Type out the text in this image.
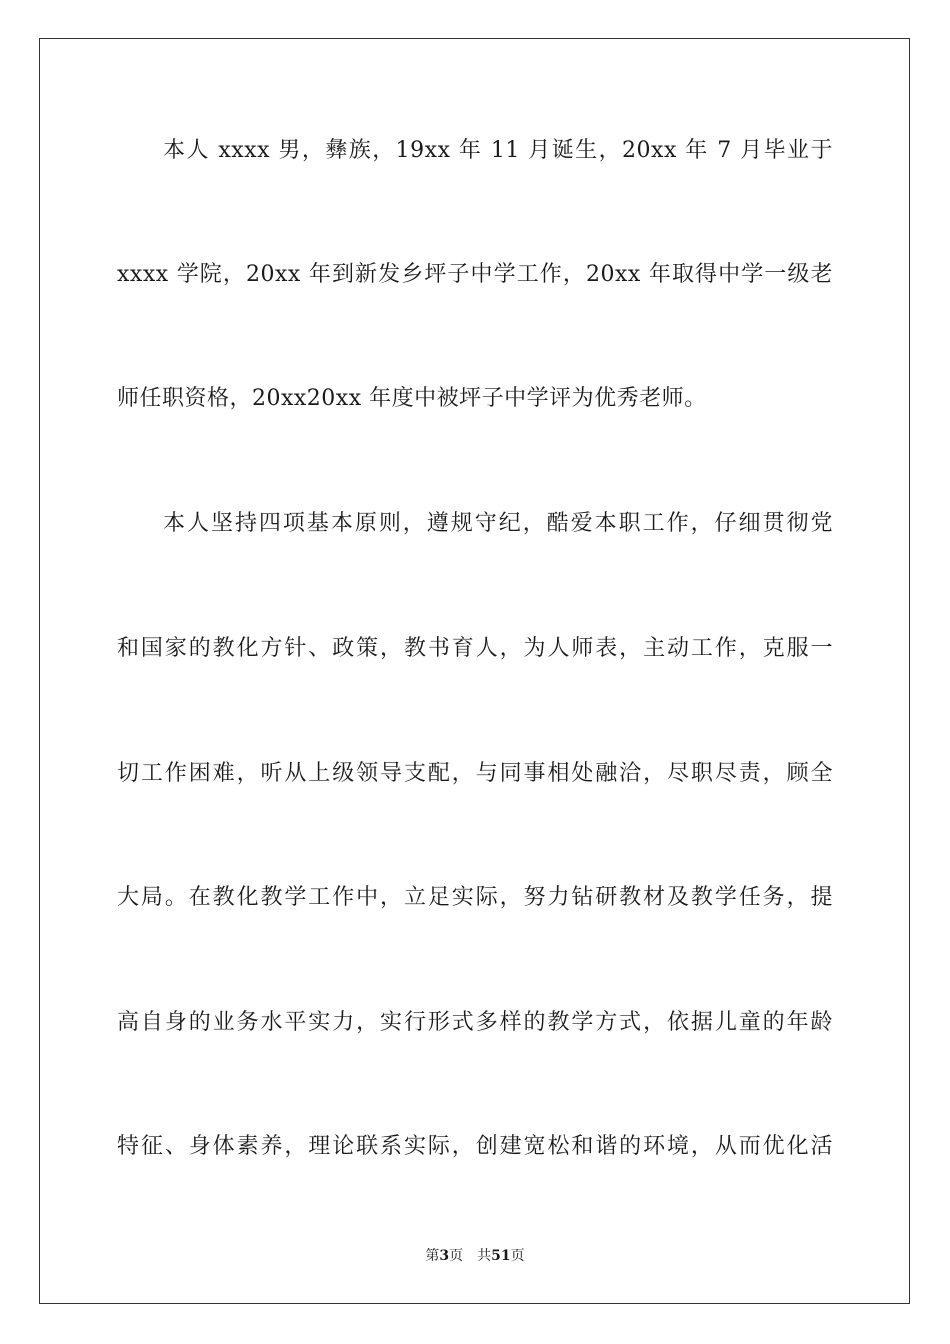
本人 xxxx 男，彝族，19xx 年 11 月诞生，20xx 年 7 月毕业于
xxxx 学院，20xx 年到新发乡坪子中学工作，20xx 年取得中学一级老
师任职资格，20xx20xx 年度中被坪子中学评为优秀老师。
本人坚持四项基本原则，遵规守纪，酷爱本职工作，仔细贯彻党
和国家的教化方针、政策，教书育人，为人师表，主动工作，克服一
切工作困难，听从上级领导支配，与同事相处融洽，尽职尽责，顾全
大局。在教化教学工作中，立足实际，努力钻研教材及教学任务，提
高自身的业务水平实力，实行形式多样的教学方式，依据儿童的年龄
特征、身体素养，理论联系实际，创建宽松和谐的环境，从而优化活
第3页 共51页
